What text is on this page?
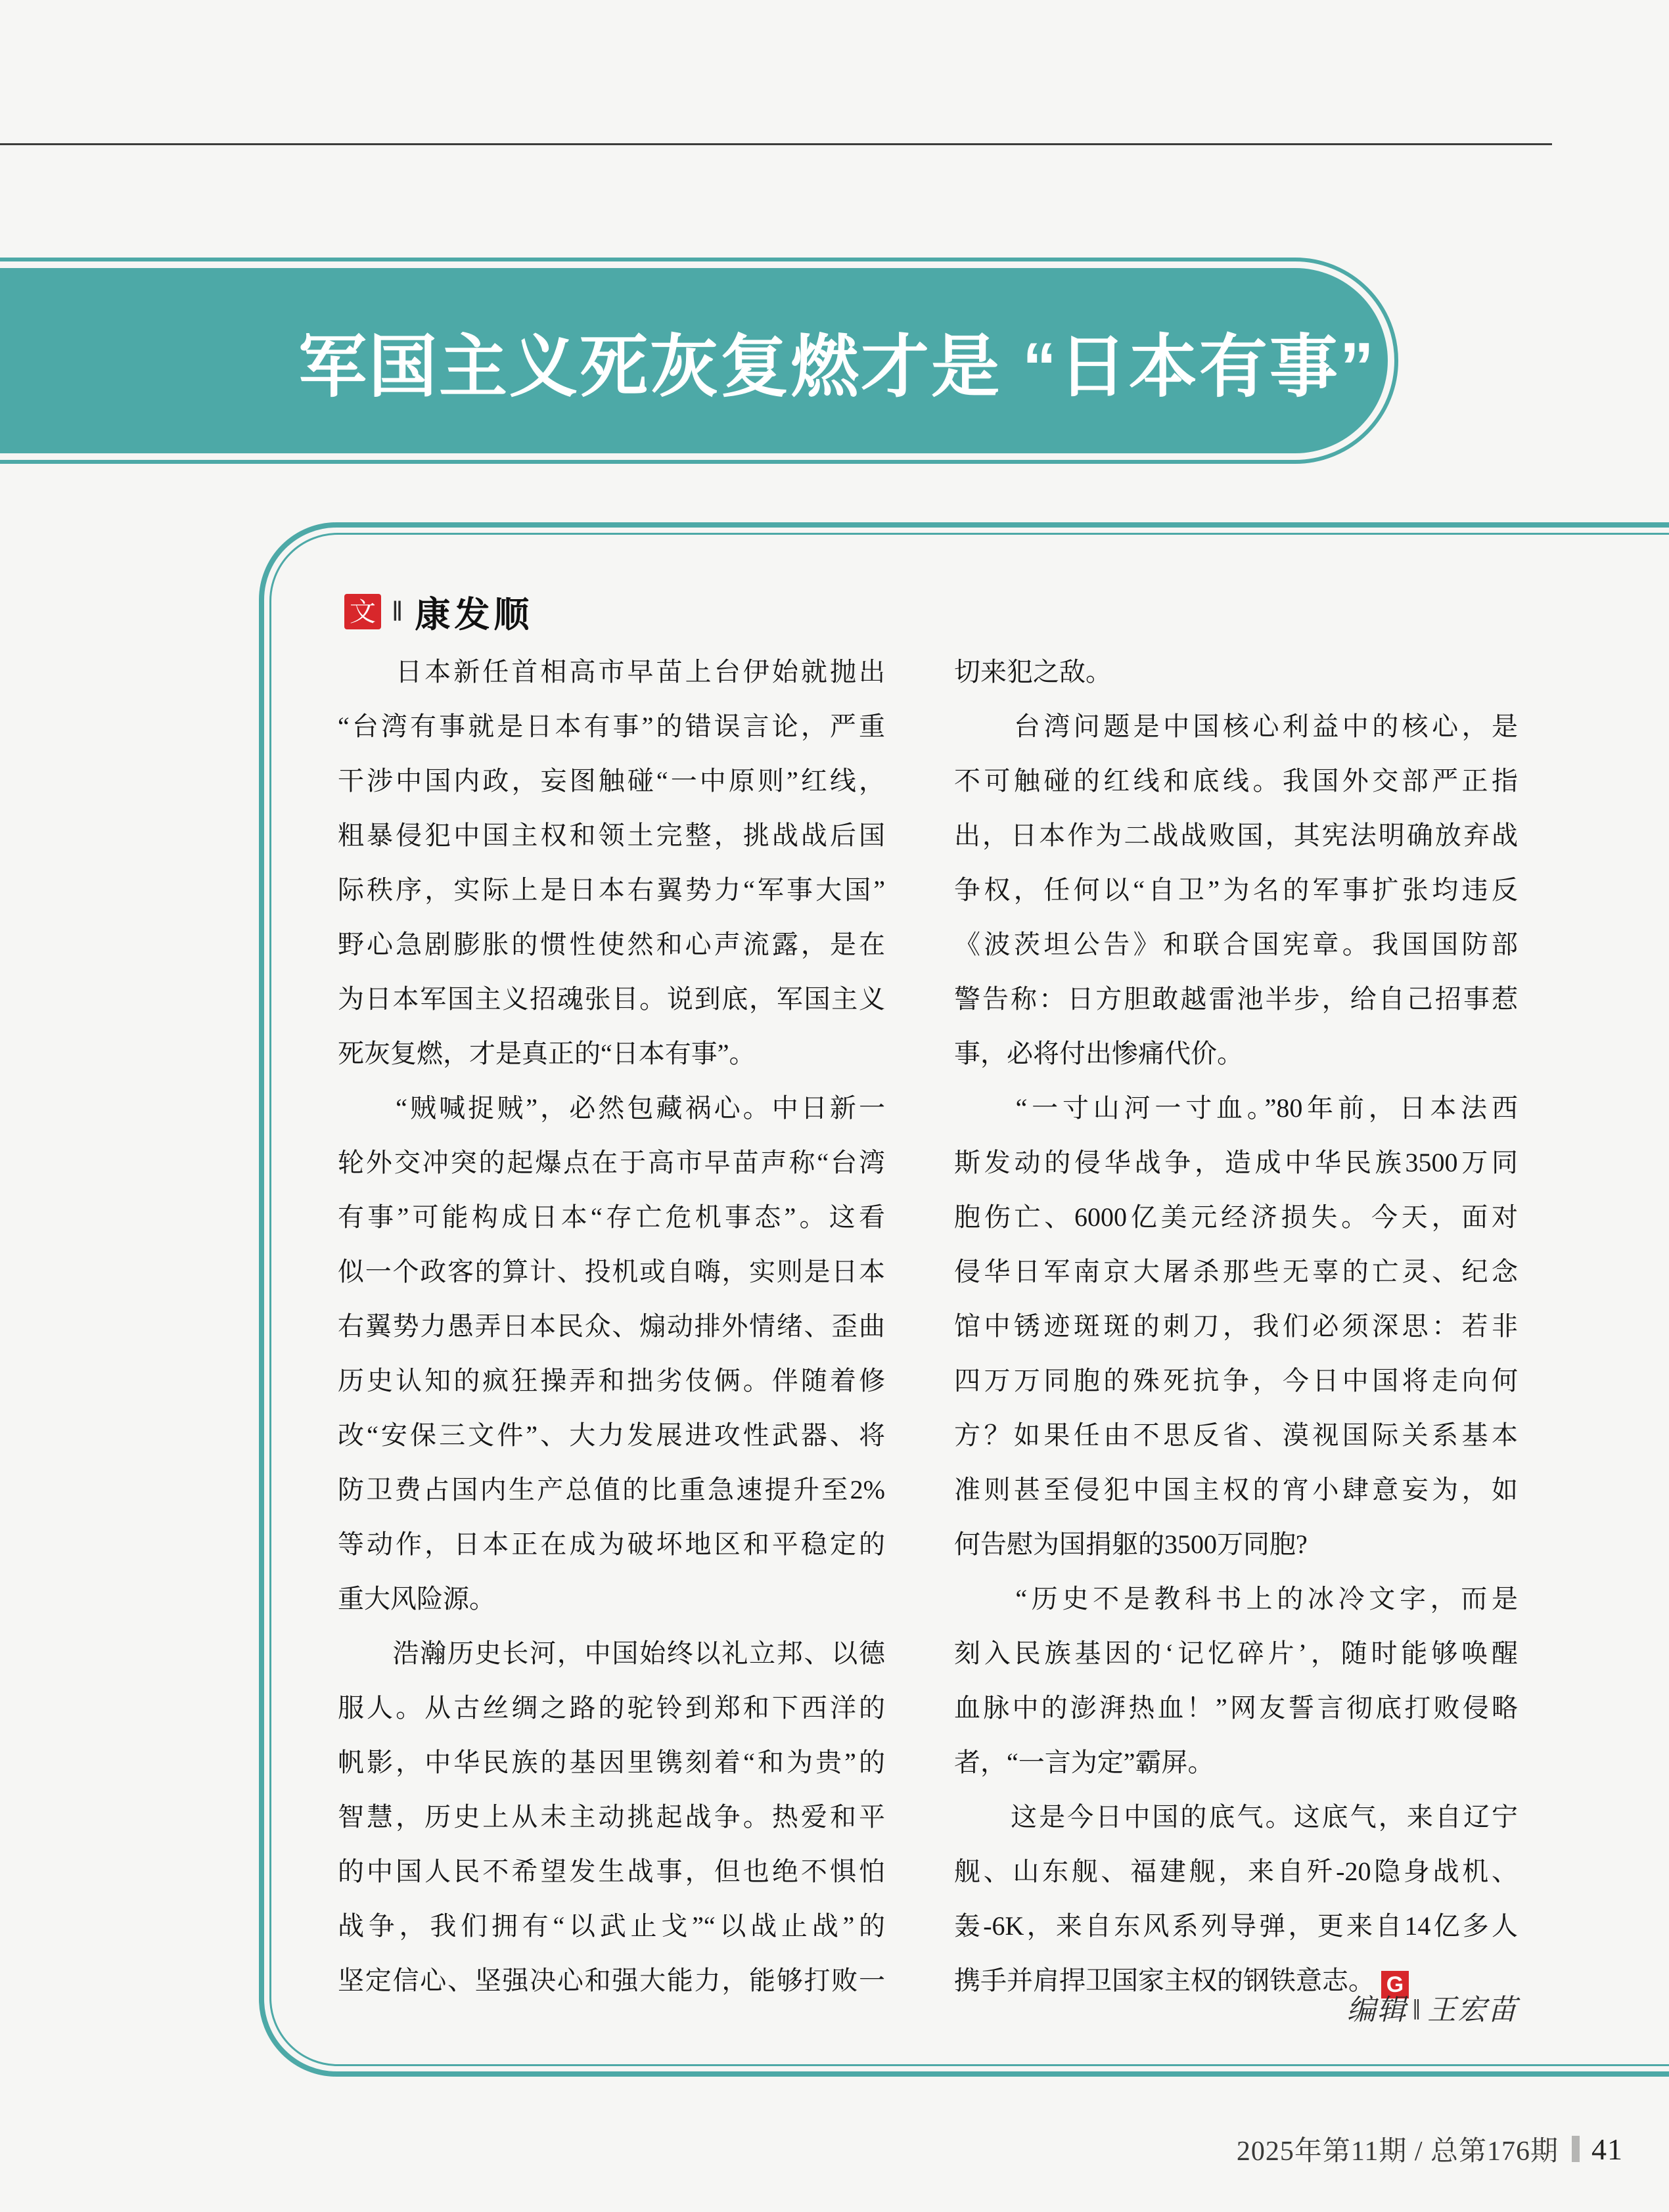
军国主义死灰复燃才是 “日本有事”
文 ‖ 康发顺
　　日本新任首相高市早苗上台伊始就抛出
“台湾有事就是日本有事”的错误言论，严重
干涉中国内政，妄图触碰“一中原则”红线，
粗暴侵犯中国主权和领土完整，挑战战后国
际秩序，实际上是日本右翼势力“军事大国”
野心急剧膨胀的惯性使然和心声流露，是在
为日本军国主义招魂张目。说到底，军国主义
死灰复燃，才是真正的“日本有事”。
　　“贼喊捉贼”，必然包藏祸心。中日新一
轮外交冲突的起爆点在于高市早苗声称“台湾
有事”可能构成日本“存亡危机事态”。这看
似一个政客的算计、投机或自嗨，实则是日本
右翼势力愚弄日本民众、煽动排外情绪、歪曲
历史认知的疯狂操弄和拙劣伎俩。伴随着修
改“安保三文件”、大力发展进攻性武器、将
防卫费占国内生产总值的比重急速提升至2%
等动作，日本正在成为破坏地区和平稳定的
重大风险源。
　　浩瀚历史长河，中国始终以礼立邦、以德
服人。从古丝绸之路的驼铃到郑和下西洋的
帆影，中华民族的基因里镌刻着“和为贵”的
智慧，历史上从未主动挑起战争。热爱和平
的中国人民不希望发生战事，但也绝不惧怕
战争，我们拥有“以武止戈”“以战止战”的
坚定信心、坚强决心和强大能力，能够打败一
切来犯之敌。
　　台湾问题是中国核心利益中的核心，是
不可触碰的红线和底线。我国外交部严正指
出，日本作为二战战败国，其宪法明确放弃战
争权，任何以“自卫”为名的军事扩张均违反
《波茨坦公告》和联合国宪章。我国国防部
警告称：日方胆敢越雷池半步，给自己招事惹
事，必将付出惨痛代价。
　　“一寸山河一寸血。”80年前，日本法西
斯发动的侵华战争，造成中华民族3500万同
胞伤亡、6000亿美元经济损失。今天，面对
侵华日军南京大屠杀那些无辜的亡灵、纪念
馆中锈迹斑斑的刺刀，我们必须深思：若非
四万万同胞的殊死抗争，今日中国将走向何
方？如果任由不思反省、漠视国际关系基本
准则甚至侵犯中国主权的宵小肆意妄为，如
何告慰为国捐躯的3500万同胞?
　　“历史不是教科书上的冰冷文字，而是
刻入民族基因的‘记忆碎片’，随时能够唤醒
血脉中的澎湃热血！”网友誓言彻底打败侵略
者，“一言为定”霸屏。
　　这是今日中国的底气。这底气，来自辽宁
舰、山东舰、福建舰，来自歼-20隐身战机、
轰-6K，来自东风系列导弹，更来自14亿多人
携手并肩捍卫国家主权的钢铁意志。 G
编辑 ‖ 王宏苗
2025年第11期 / 总第176期 41
